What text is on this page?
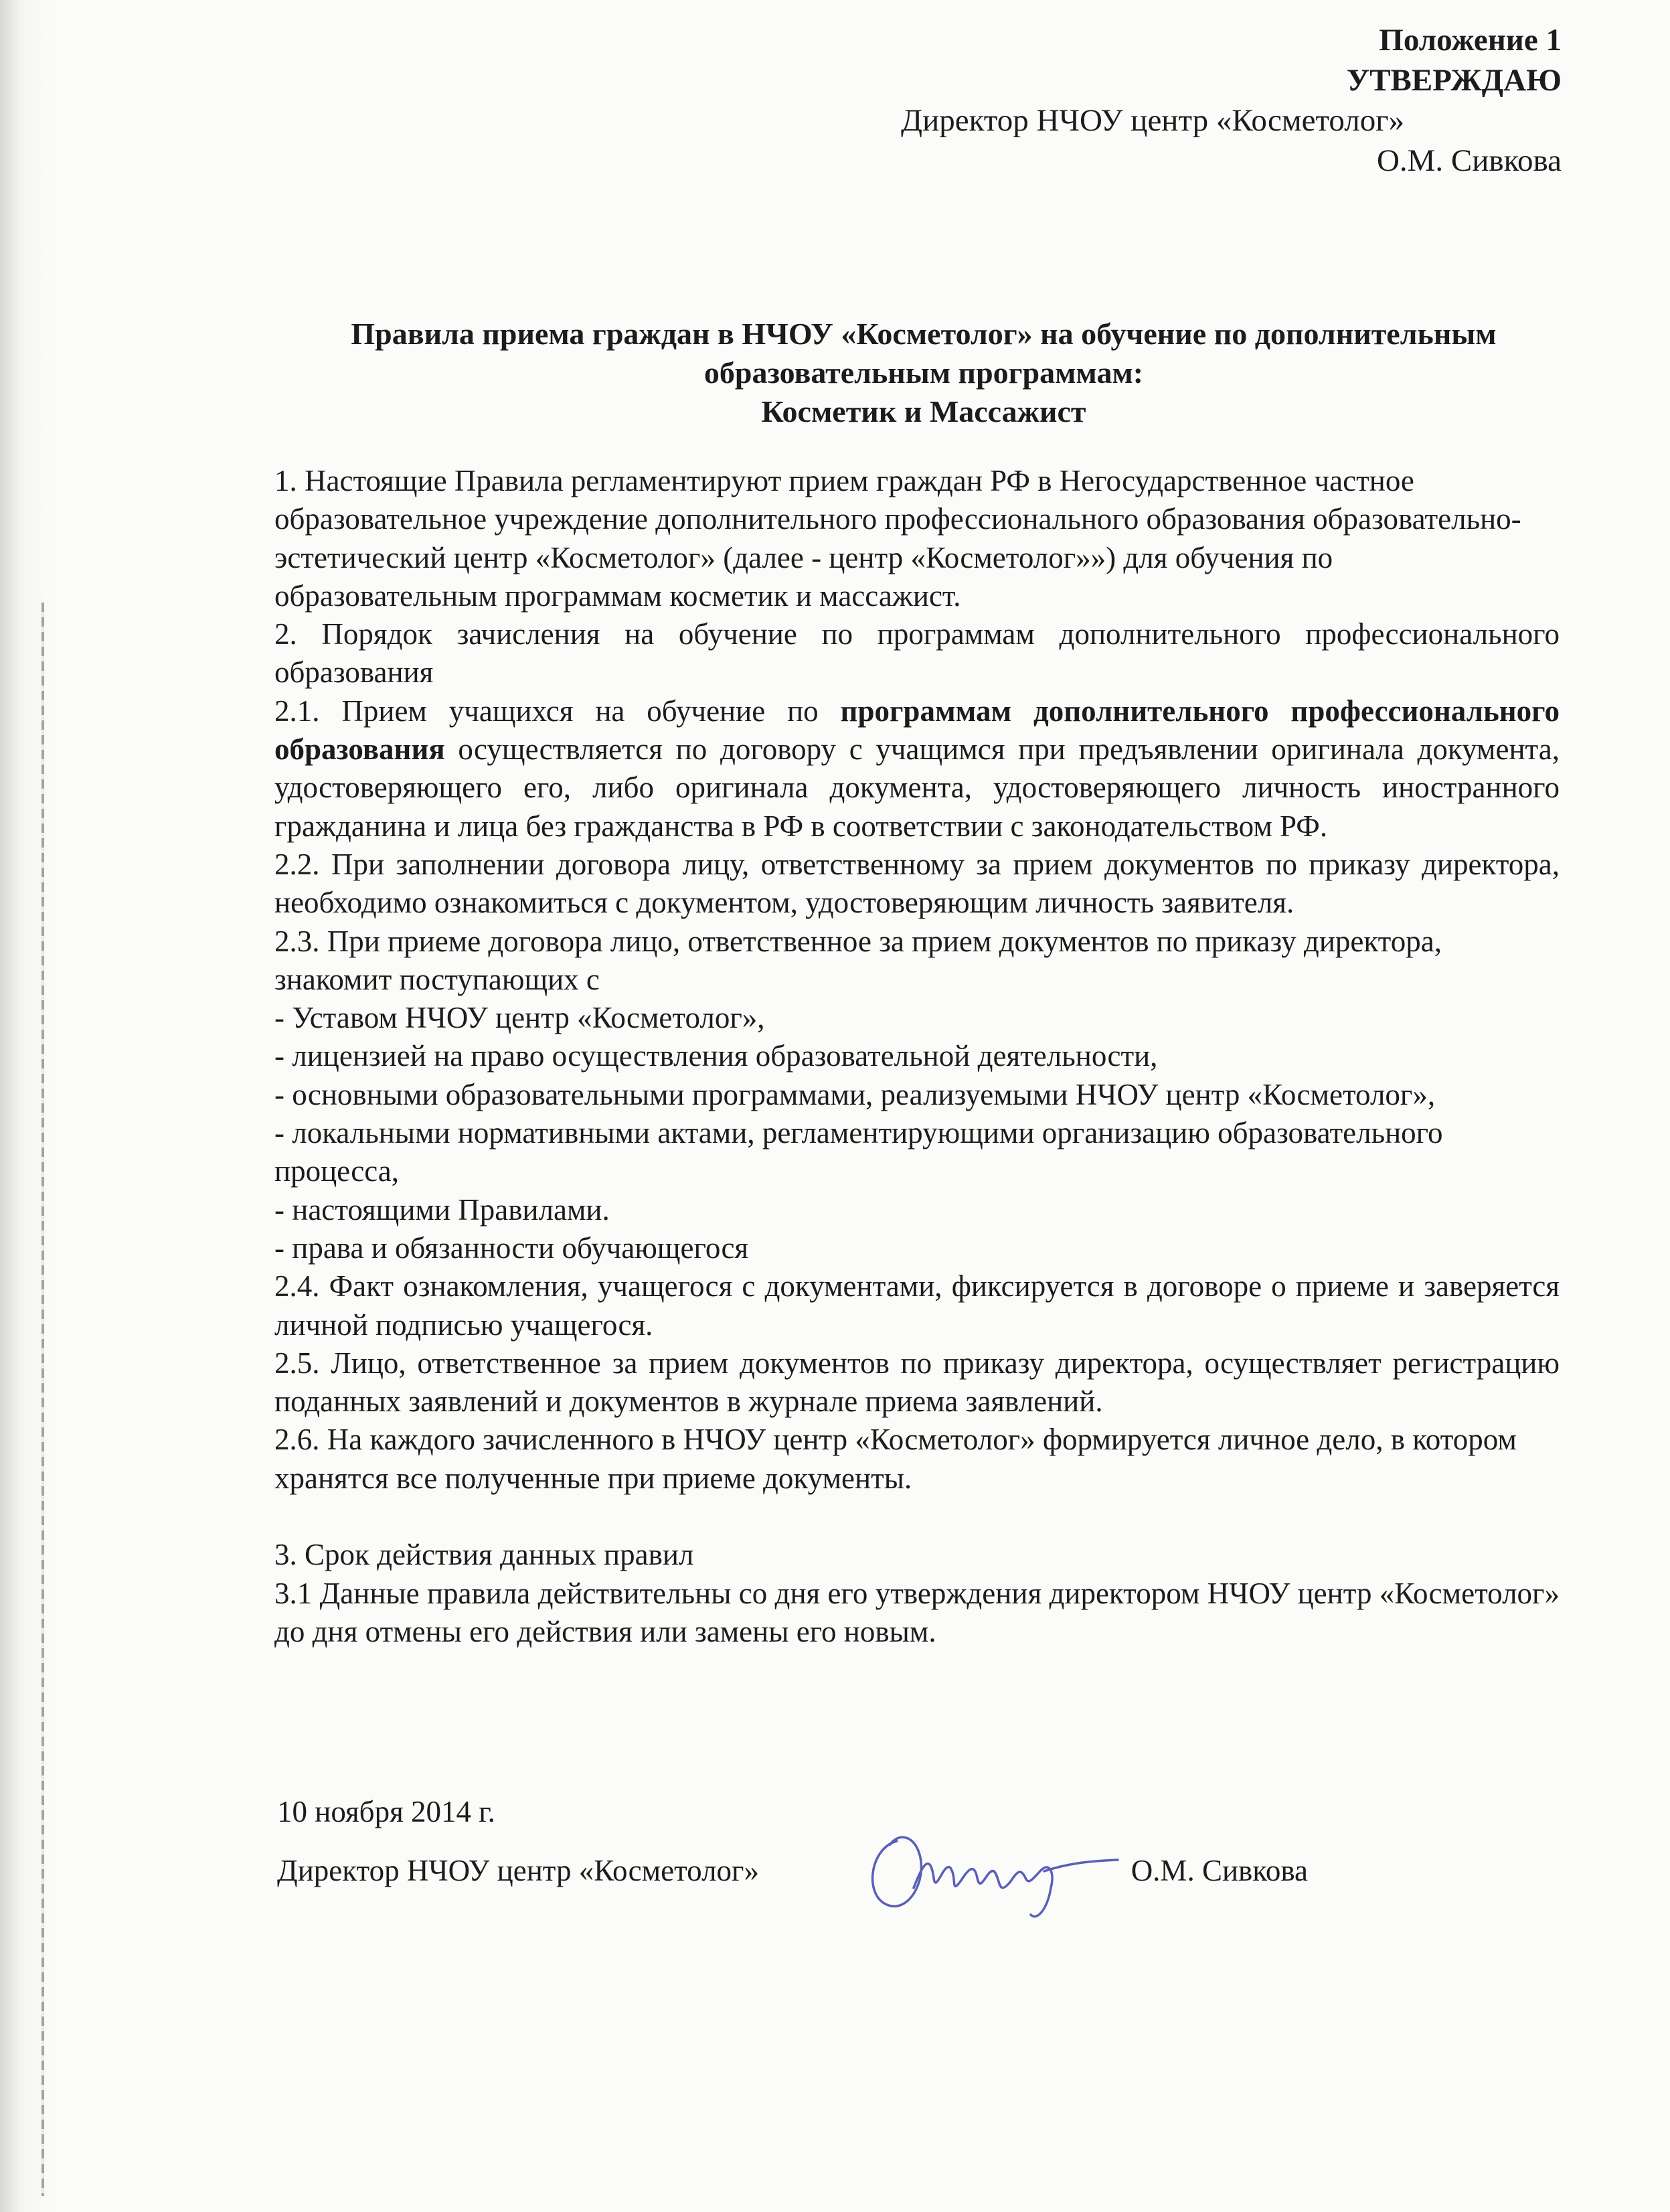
Положение 1
УТВЕРЖДАЮ
Директор НЧОУ центр «Косметолог»
О.М. Сивкова
Правила приема граждан в НЧОУ «Косметолог» на обучение по дополнительным
образовательным программам:
Косметик и Массажист

1. Настоящие Правила регламентируют прием граждан РФ в Негосударственное частное образовательное учреждение дополнительного профессионального образования образовательно-эстетический центр «Косметолог» (далее - центр «Косметолог»») для обучения по образовательным программам косметик и массажист.

2. Порядок зачисления на обучение по программам дополнительного профессионального образования

2.1. Прием учащихся на обучение по программам дополнительного профессионального образования осуществляется по договору с учащимся при предъявлении оригинала документа, удостоверяющего его, либо оригинала документа, удостоверяющего личность иностранного гражданина и лица без гражданства в РФ в соответствии с законодательством РФ.

2.2. При заполнении договора лицу, ответственному за прием документов по приказу директора, необходимо ознакомиться с документом, удостоверяющим личность заявителя.

2.3. При приеме договора лицо, ответственное за прием документов по приказу директора, знакомит поступающих с

- Уставом НЧОУ центр «Косметолог»,

- лицензией на право осуществления образовательной деятельности,

- основными образовательными программами, реализуемыми НЧОУ центр «Косметолог»,

- локальными нормативными актами, регламентирующими организацию образовательного процесса,

- настоящими Правилами.

- права и обязанности обучающегося

2.4. Факт ознакомления, учащегося с документами, фиксируется в договоре о приеме и заверяется личной подписью учащегося.

2.5. Лицо, ответственное за прием документов по приказу директора, осуществляет регистрацию поданных заявлений и документов в журнале приема заявлений.

2.6. На каждого зачисленного в НЧОУ центр «Косметолог» формируется личное дело, в котором хранятся все полученные при приеме документы.

3. Срок действия данных правил

3.1 Данные правила действительны со дня его утверждения директором НЧОУ центр «Косметолог» до дня отмены его действия или замены его новым.

10 ноября 2014 г.
Директор НЧОУ центр «Косметолог»	О.М. Сивкова
